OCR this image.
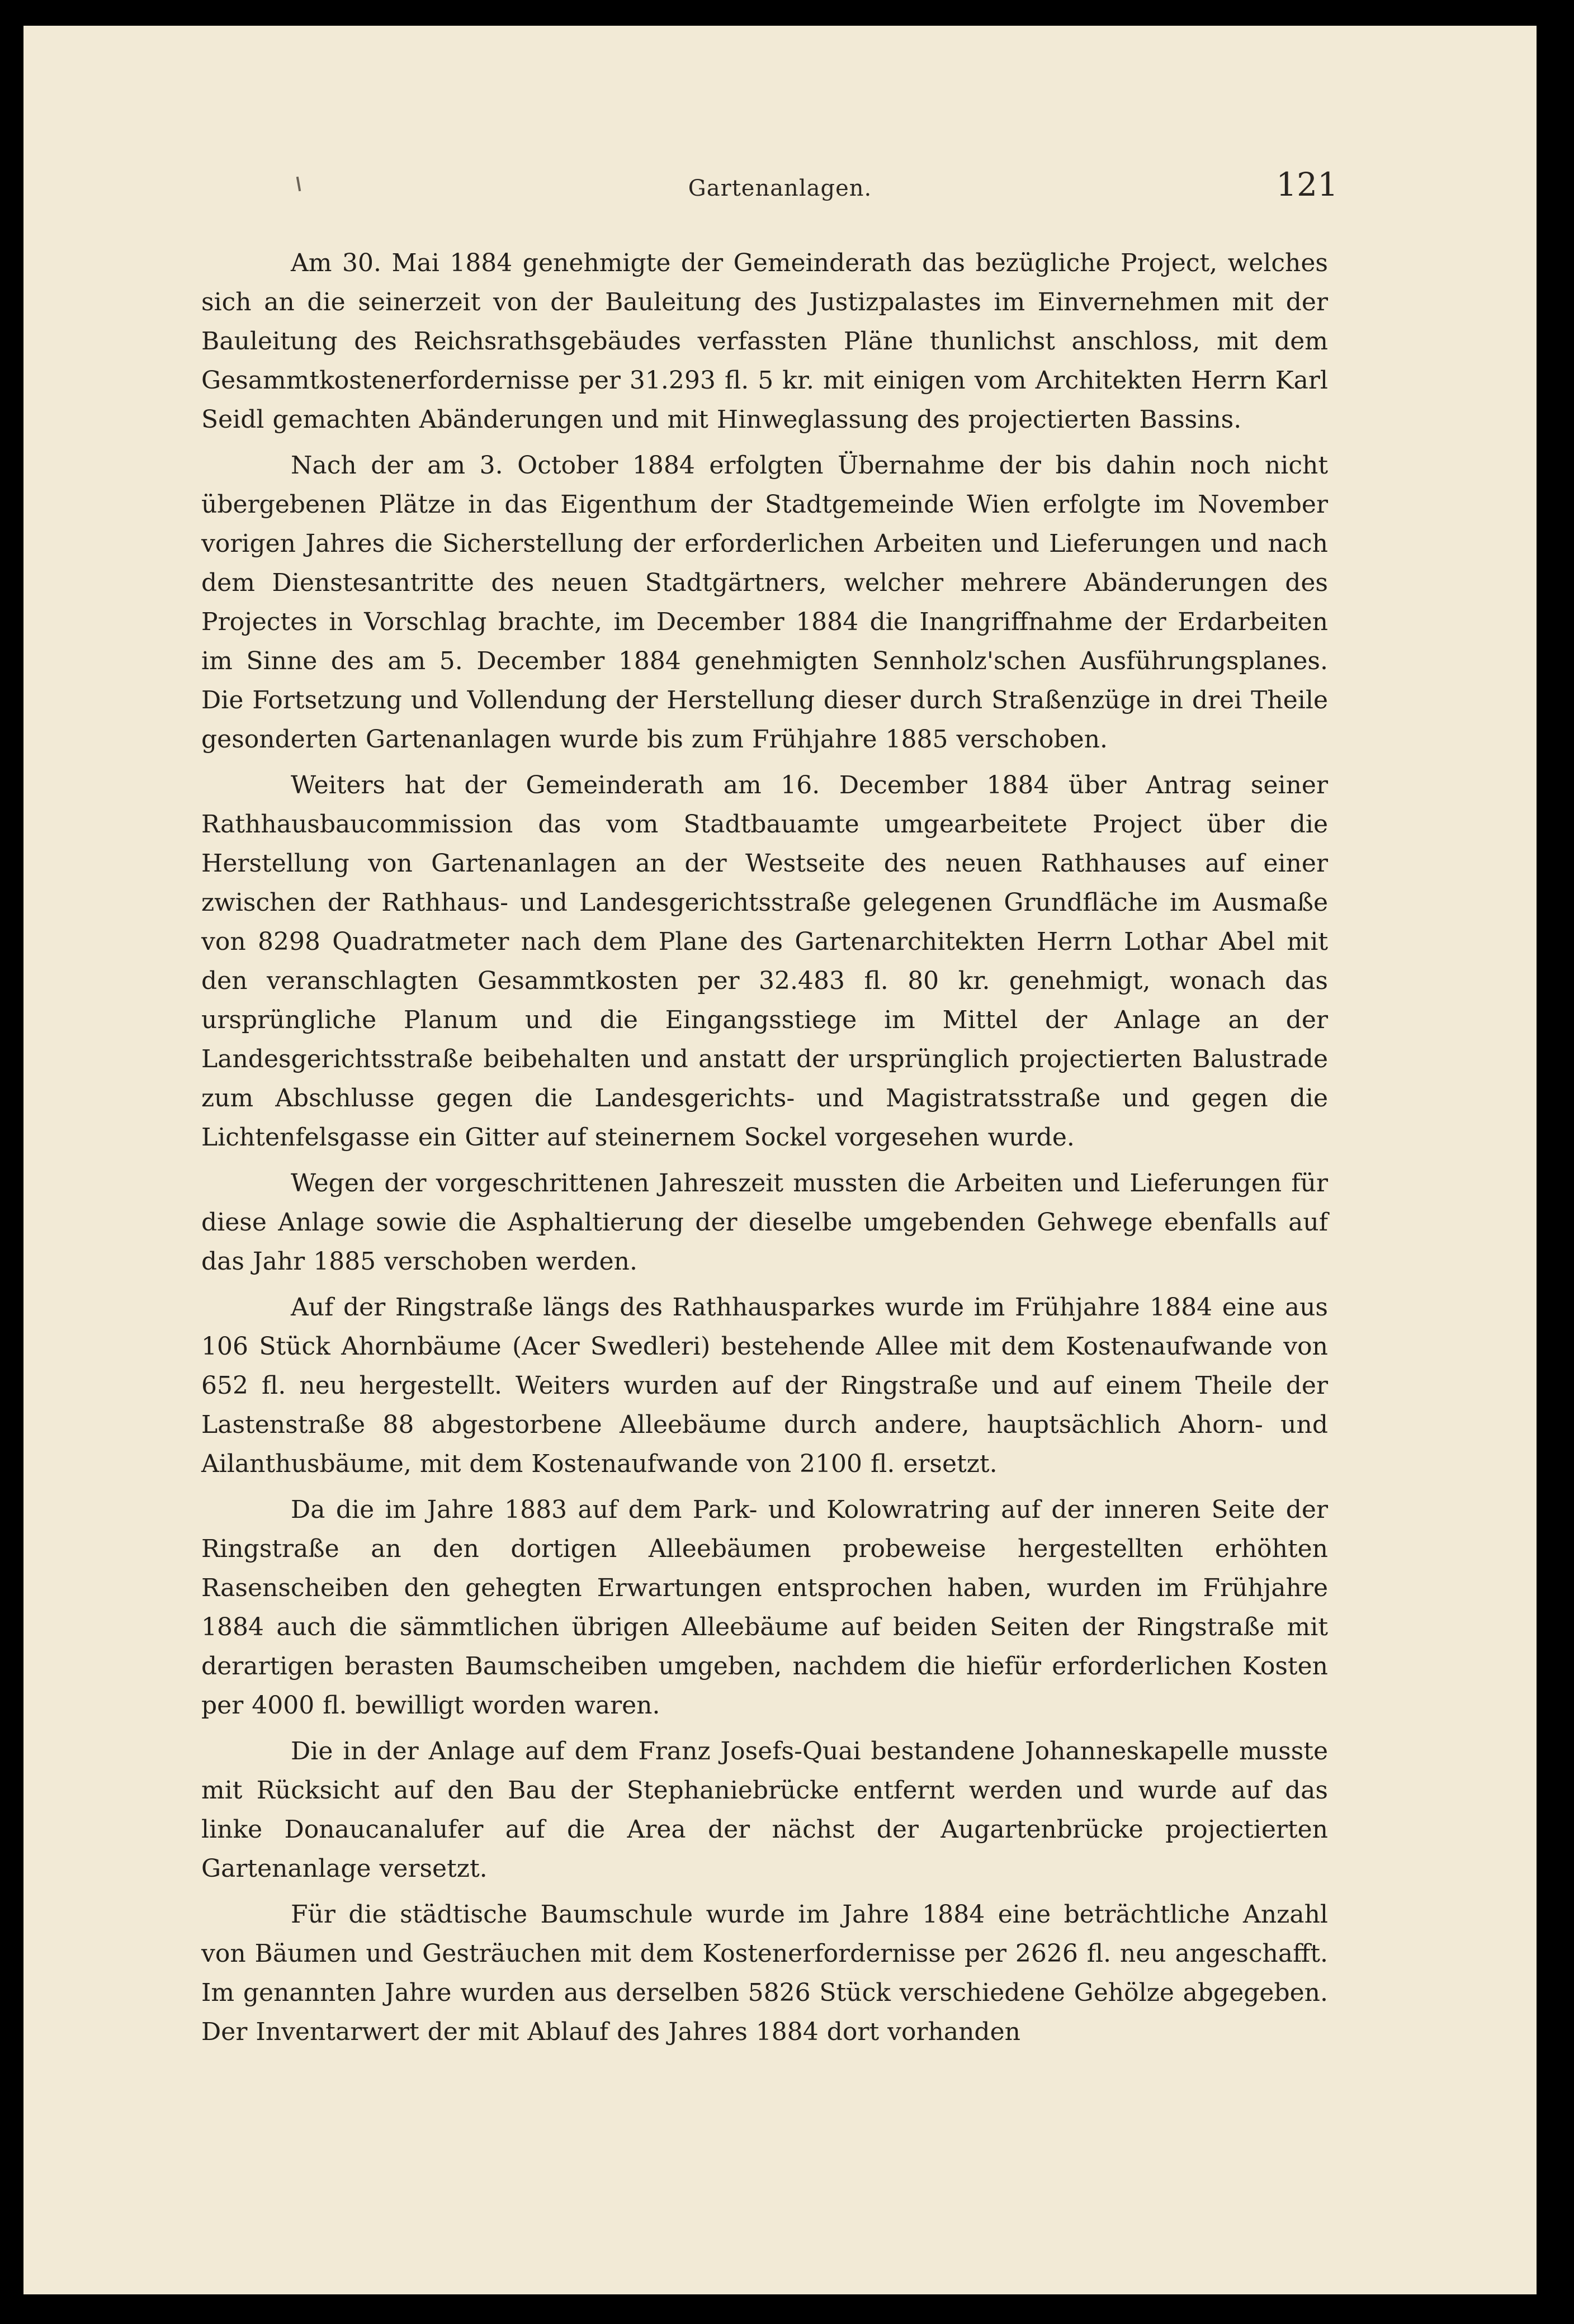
Gartenanlagen.	121

Am 30. Mai 1884 genehmigte der Gemeinderath das bezügliche Project, welches sich an die seinerzeit von der Bauleitung des Justizpalastes im Einvernehmen mit der Bauleitung des Reichsrathsgebäudes verfassten Pläne thunlichst anschloss, mit dem Gesammtkostenerfordernisse per 31.293 fl. 5 kr. mit einigen vom Architekten Herrn Karl Seidl gemachten Abänderungen und mit Hinweglassung des projectierten Bassins.

Nach der am 3. October 1884 erfolgten Übernahme der bis dahin noch nicht übergebenen Plätze in das Eigenthum der Stadtgemeinde Wien erfolgte im November vorigen Jahres die Sicherstellung der erforderlichen Arbeiten und Lieferungen und nach dem Dienstesantritte des neuen Stadtgärtners, welcher mehrere Abänderungen des Projectes in Vorschlag brachte, im December 1884 die Inangriffnahme der Erdarbeiten im Sinne des am 5. December 1884 genehmigten Sennholz'schen Ausführungsplanes. Die Fortsetzung und Vollendung der Herstellung dieser durch Straßenzüge in drei Theile gesonderten Gartenanlagen wurde bis zum Frühjahre 1885 verschoben.

Weiters hat der Gemeinderath am 16. December 1884 über Antrag seiner Rathhausbaucommission das vom Stadtbauamte umgearbeitete Project über die Herstellung von Gartenanlagen an der Westseite des neuen Rathhauses auf einer zwischen der Rathhaus- und Landesgerichtsstraße gelegenen Grundfläche im Ausmaße von 8298 Quadratmeter nach dem Plane des Gartenarchitekten Herrn Lothar Abel mit den veranschlagten Gesammtkosten per 32.483 fl. 80 kr. genehmigt, wonach das ursprüngliche Planum und die Eingangsstiege im Mittel der Anlage an der Landesgerichtsstraße beibehalten und anstatt der ursprünglich projectierten Balustrade zum Abschlusse gegen die Landesgerichts- und Magistratsstraße und gegen die Lichtenfelsgasse ein Gitter auf steinernem Sockel vorgesehen wurde.

Wegen der vorgeschrittenen Jahreszeit mussten die Arbeiten und Lieferungen für diese Anlage sowie die Asphaltierung der dieselbe umgebenden Gehwege ebenfalls auf das Jahr 1885 verschoben werden.

Auf der Ringstraße längs des Rathhausparkes wurde im Frühjahre 1884 eine aus 106 Stück Ahornbäume (Acer Swedleri) bestehende Allee mit dem Kostenaufwande von 652 fl. neu hergestellt. Weiters wurden auf der Ringstraße und auf einem Theile der Lastenstraße 88 abgestorbene Alleebäume durch andere, hauptsächlich Ahorn- und Ailanthusbäume, mit dem Kostenaufwande von 2100 fl. ersetzt.

Da die im Jahre 1883 auf dem Park- und Kolowratring auf der inneren Seite der Ringstraße an den dortigen Alleebäumen probeweise hergestellten erhöhten Rasenscheiben den gehegten Erwartungen entsprochen haben, wurden im Frühjahre 1884 auch die sämmtlichen übrigen Alleebäume auf beiden Seiten der Ringstraße mit derartigen berasten Baumscheiben umgeben, nachdem die hiefür erforderlichen Kosten per 4000 fl. bewilligt worden waren.

Die in der Anlage auf dem Franz Josefs-Quai bestandene Johanneskapelle musste mit Rücksicht auf den Bau der Stephaniebrücke entfernt werden und wurde auf das linke Donaucanalufer auf die Area der nächst der Augartenbrücke projectierten Gartenanlage versetzt.

Für die städtische Baumschule wurde im Jahre 1884 eine beträchtliche Anzahl von Bäumen und Gesträuchen mit dem Kostenerfordernisse per 2626 fl. neu angeschafft. Im genannten Jahre wurden aus derselben 5826 Stück verschiedene Gehölze abgegeben. Der Inventarwert der mit Ablauf des Jahres 1884 dort vorhanden
